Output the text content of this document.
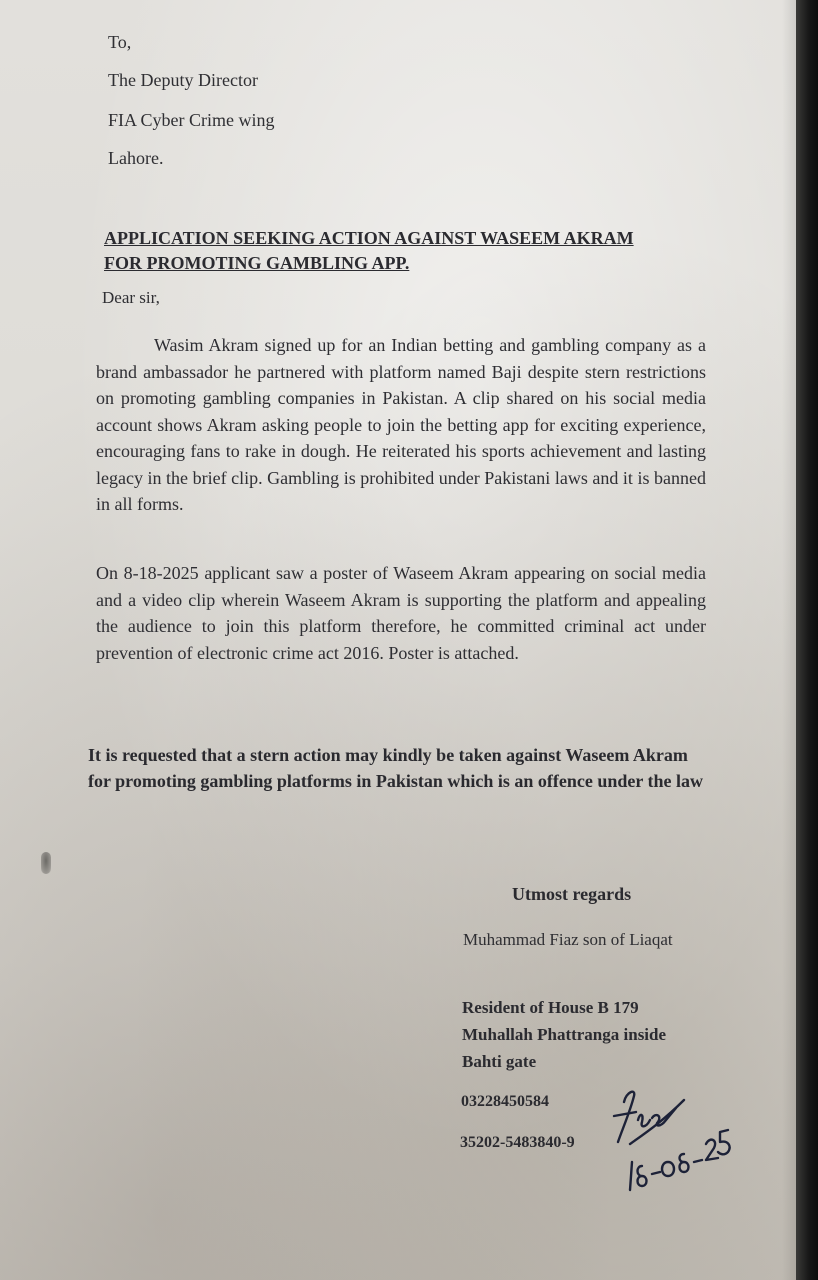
To,
The Deputy Director
FIA Cyber Crime wing
Lahore.
APPLICATION SEEKING ACTION AGAINST WASEEM AKRAM FOR PROMOTING GAMBLING APP.
Dear sir,
Wasim Akram signed up for an Indian betting and gambling company as a brand ambassador he partnered with platform named Baji despite stern restrictions on promoting gambling companies in Pakistan. A clip shared on his social media account shows Akram asking people to join the betting app for exciting experience, encouraging fans to rake in dough. He reiterated his sports achievement and lasting legacy in the brief clip. Gambling is prohibited under Pakistani laws and it is banned in all forms.
On 8-18-2025 applicant saw a poster of Waseem Akram appearing on social media and a video clip wherein Waseem Akram is supporting the platform and appealing the audience to join this platform therefore, he committed criminal act under prevention of electronic crime act 2016. Poster is attached.
It is requested that a stern action may kindly be taken against Waseem Akram for promoting gambling platforms in Pakistan which is an offence under the law
Utmost regards
Muhammad Fiaz son of Liaqat
Resident of House B 179 Muhallah Phattranga inside Bahti gate
03228450584
35202-5483840-9
